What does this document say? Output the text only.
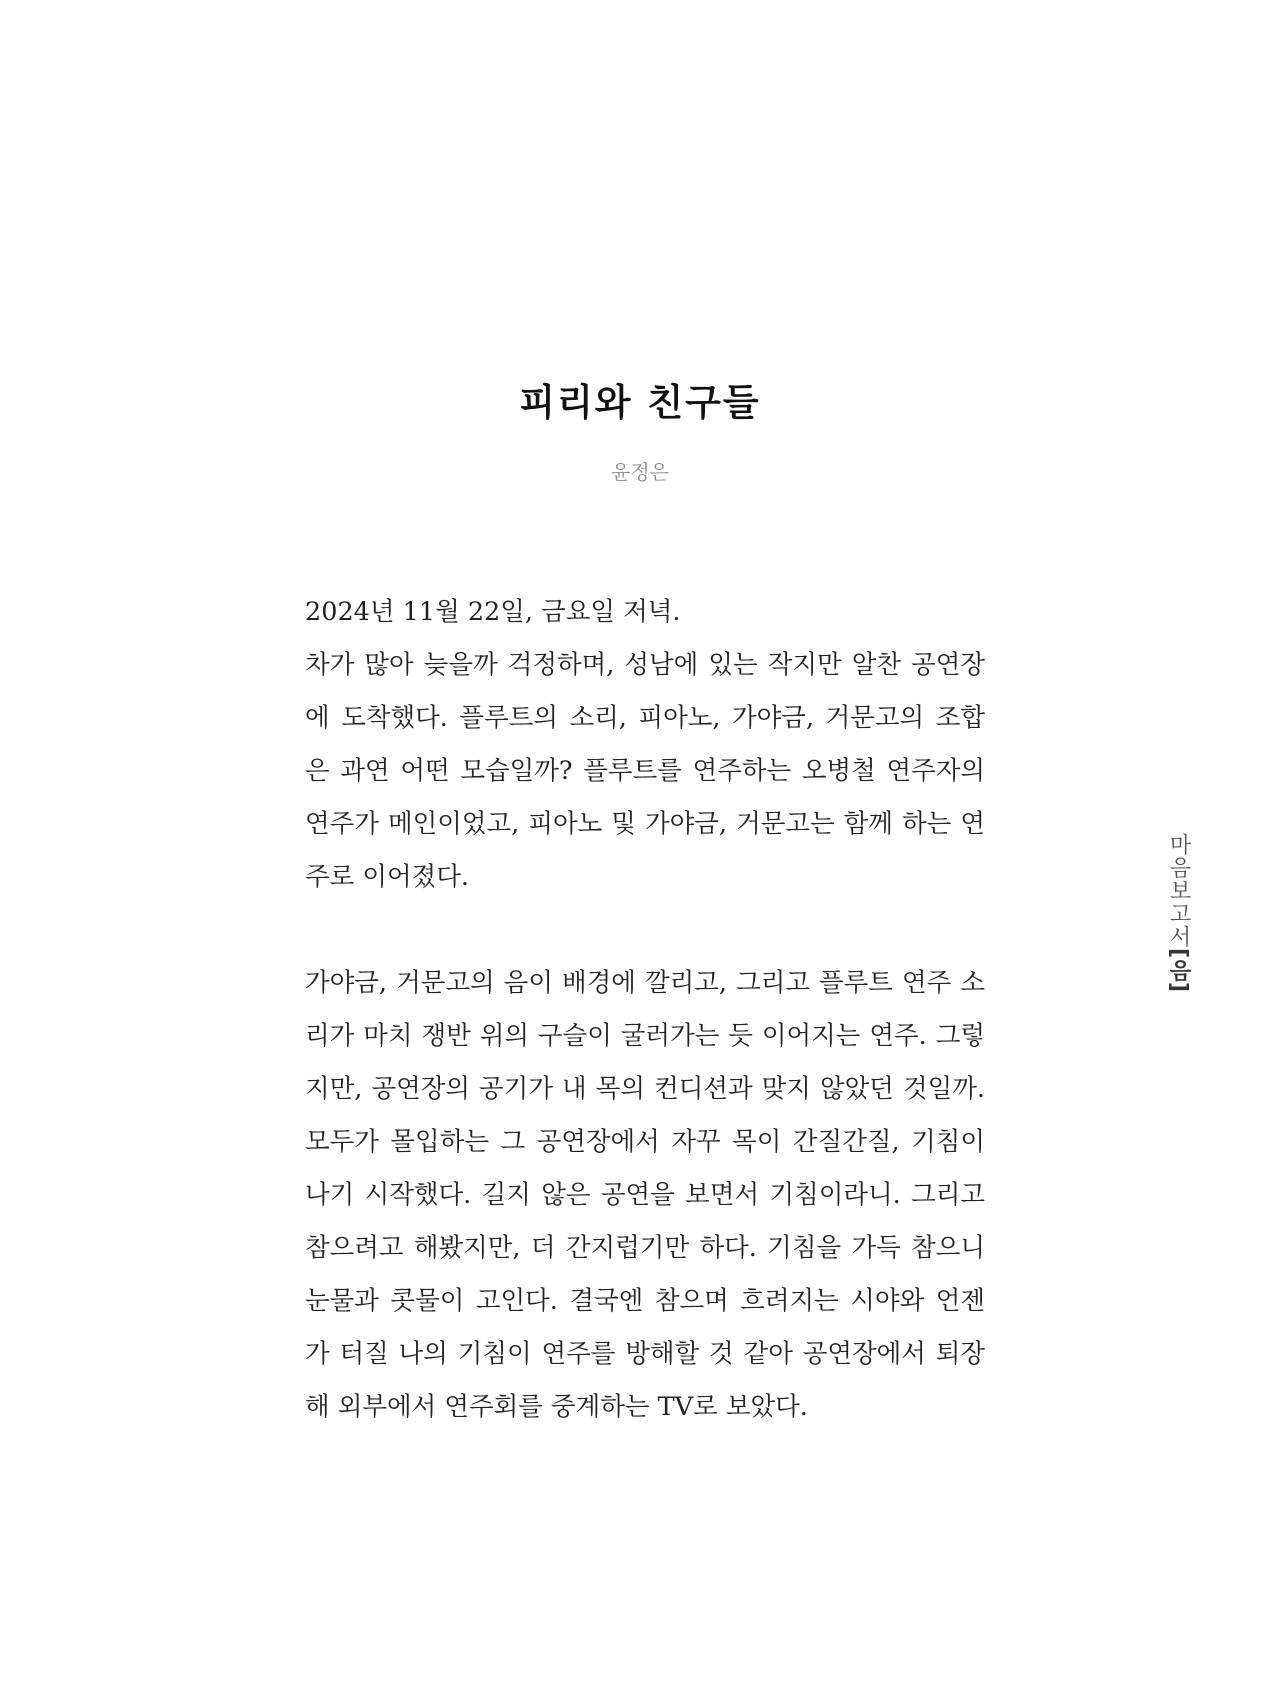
피리와 친구들

윤정은

2024년 11월 22일, 금요일 저녁.
차가 많아 늦을까 걱정하며, 성남에 있는 작지만 알찬 공연장에 도착했다. 플루트의 소리, 피아노, 가야금, 거문고의 조합은 과연 어떤 모습일까? 플루트를 연주하는 오병철 연주자의 연주가 메인이었고, 피아노 및 가야금, 거문고는 함께 하는 연주로 이어졌다.

가야금, 거문고의 음이 배경에 깔리고, 그리고 플루트 연주 소리가 마치 쟁반 위의 구슬이 굴러가는 듯 이어지는 연주. 그렇지만, 공연장의 공기가 내 목의 컨디션과 맞지 않았던 것일까. 모두가 몰입하는 그 공연장에서 자꾸 목이 간질간질, 기침이 나기 시작했다. 길지 않은 공연을 보면서 기침이라니. 그리고 참으려고 해봤지만, 더 간지럽기만 하다. 기침을 가득 참으니 눈물과 콧물이 고인다. 결국엔 참으며 흐려지는 시야와 언젠가 터질 나의 기침이 연주를 방해할 것 같아 공연장에서 퇴장해 외부에서 연주회를 중계하는 TV로 보았다.

마음보고서[음]
